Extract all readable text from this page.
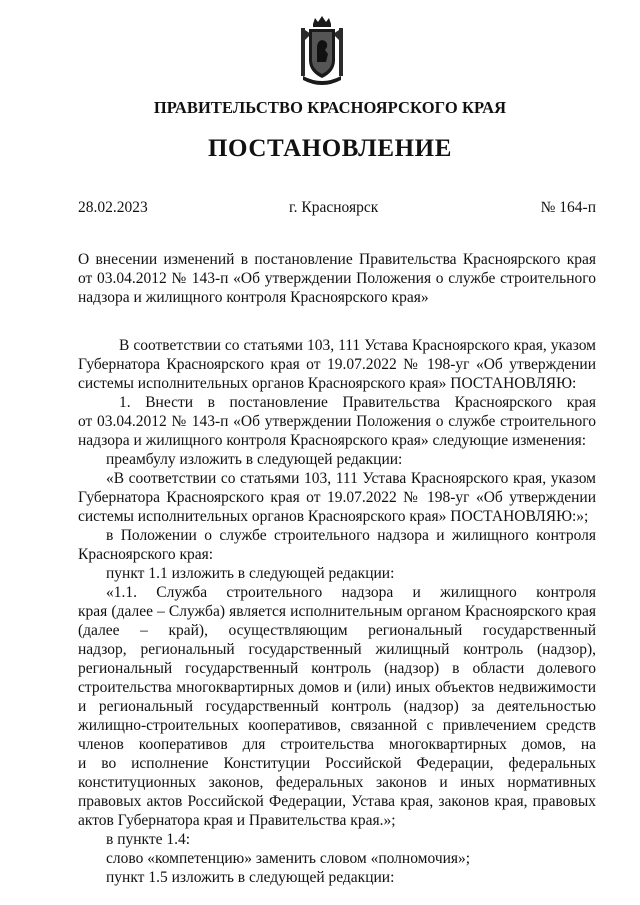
ПРАВИТЕЛЬСТВО КРАСНОЯРСКОГО КРАЯ
ПОСТАНОВЛЕНИЕ
28.02.2023	г. Красноярск	№ 164-п
О внесении изменений в постановление Правительства Красноярского края
от 03.04.2012 № 143-п «Об утверждении Положения о службе строительного
надзора и жилищного контроля Красноярского края»
В соответствии со статьями 103, 111 Устава Красноярского края, указом
Губернатора Красноярского края от 19.07.2022 № 198-уг «Об утверждении
системы исполнительных органов Красноярского края» ПОСТАНОВЛЯЮ:
1. Внести в постановление Правительства Красноярского края
от 03.04.2012 № 143-п «Об утверждении Положения о службе строительного
надзора и жилищного контроля Красноярского края» следующие изменения:
преамбулу изложить в следующей редакции:
«В соответствии со статьями 103, 111 Устава Красноярского края, указом
Губернатора Красноярского края от 19.07.2022 № 198-уг «Об утверждении
системы исполнительных органов Красноярского края» ПОСТАНОВЛЯЮ:»;
в Положении о службе строительного надзора и жилищного контроля
Красноярского края:
пункт 1.1 изложить в следующей редакции:
«1.1. Служба строительного надзора и жилищного контроля
края (далее – Служба) является исполнительным органом Красноярского края
(далее – край), осуществляющим региональный государственный
надзор, региональный государственный жилищный контроль (надзор),
региональный государственный контроль (надзор) в области долевого
строительства многоквартирных домов и (или) иных объектов недвижимости
и региональный государственный контроль (надзор) за деятельностью
жилищно-строительных кооперативов, связанной с привлечением средств
членов кооперативов для строительства многоквартирных домов, на
и во исполнение Конституции Российской Федерации, федеральных
конституционных законов, федеральных законов и иных нормативных
правовых актов Российской Федерации, Устава края, законов края, правовых
актов Губернатора края и Правительства края.»;
в пункте 1.4:
слово «компетенцию» заменить словом «полномочия»;
пункт 1.5 изложить в следующей редакции:
